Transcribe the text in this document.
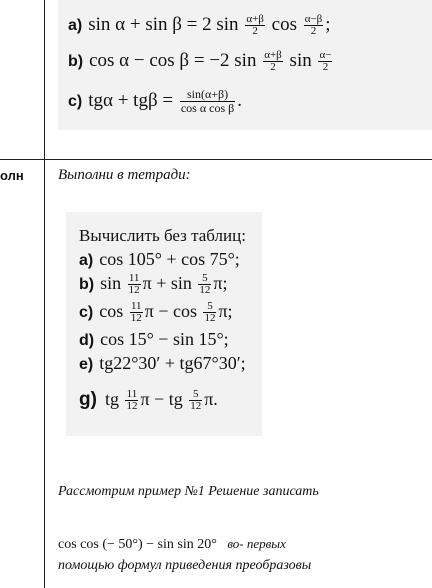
a) sin α + sin β = 2 $\sin \frac{\alpha+\beta}{2}$ $\cos \frac{\alpha-\beta}{2}$ ;
b) cos α − cos β = −2 $\sin \frac{\alpha+\beta}{2}$ $\sin \frac{\alpha-}{2}$
c) $tg\alpha + tg\beta = \frac{\sin(\alpha+\beta)}{\text{cos α cos β}}$ .
олн	Выполни в тетради:
Вычислить без таблиц:
a) cos 105° + cos 75°;
b) $\sin \frac{11}{12}$ $\pi + \sin \frac{5}{12} \pi$;
c) $\cos \frac{11}{12}$ $\pi - \cos \frac{5}{12} \pi$;
d) cos 15° − sin 15°;
e) tg22°30′ + tg67°30′;
g) tg $\frac{11}{12}$ π − tg $\frac{5}{12} \pi$.
Рассмотрим пример №1 Решение записать
cos cos (− 50°) − sin sin 20° во- первых
помощью формул приведения преобразовы
